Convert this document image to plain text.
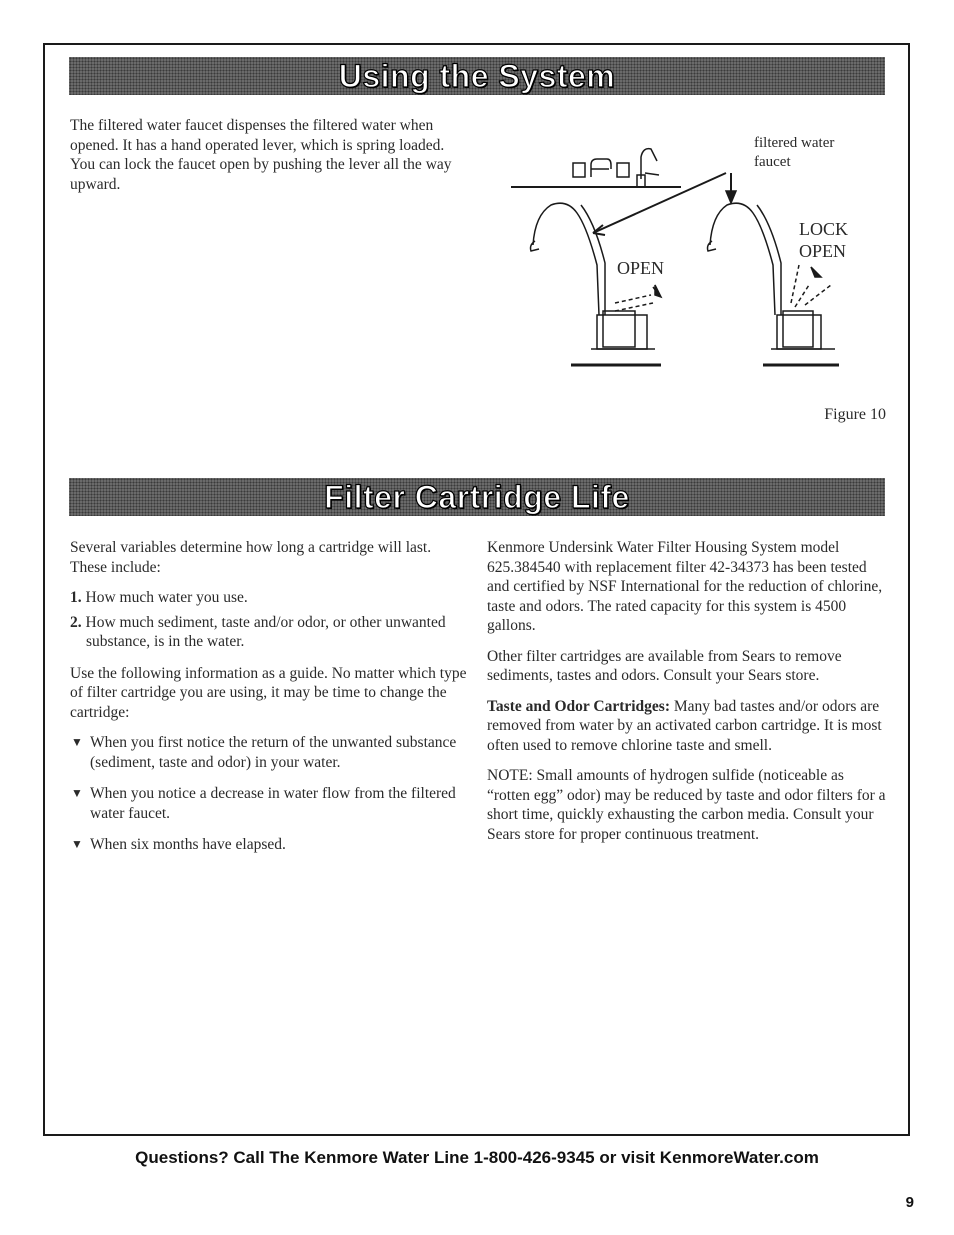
Using the System
The filtered water faucet dispenses the filtered water when opened. It has a hand operated lever, which is spring loaded. You can lock the faucet open by pushing the lever all the way upward.
filtered water
faucet
OPEN
LOCK
OPEN
Figure 10
Filter Cartridge Life

Several variables determine how long a cartridge will last. These include:

1. How much water you use.
2. How much sediment, taste and/or odor, or other unwanted substance, is in the water.

Use the following information as a guide. No matter which type of filter cartridge you are using, it may be time to change the cartridge:

▼ When you first notice the return of the unwanted substance (sediment, taste and odor) in your water.
▼ When you notice a decrease in water flow from the filtered water faucet.
▼ When six months have elapsed.

Kenmore Undersink Water Filter Housing System model 625.384540 with replacement filter 42-34373 has been tested and certified by NSF International for the reduction of chlorine, taste and odors. The rated capacity for this system is 4500 gallons.

Other filter cartridges are available from Sears to remove sediments, tastes and odors. Consult your Sears store.

Taste and Odor Cartridges: Many bad tastes and/or odors are removed from water by an activated carbon cartridge. It is most often used to remove chlorine taste and smell.

NOTE: Small amounts of hydrogen sulfide (noticeable as “rotten egg” odor) may be reduced by taste and odor filters for a short time, quickly exhausting the carbon media. Consult your Sears store for proper continuous treatment.

Questions? Call The Kenmore Water Line 1-800-426-9345 or visit KenmoreWater.com
9
